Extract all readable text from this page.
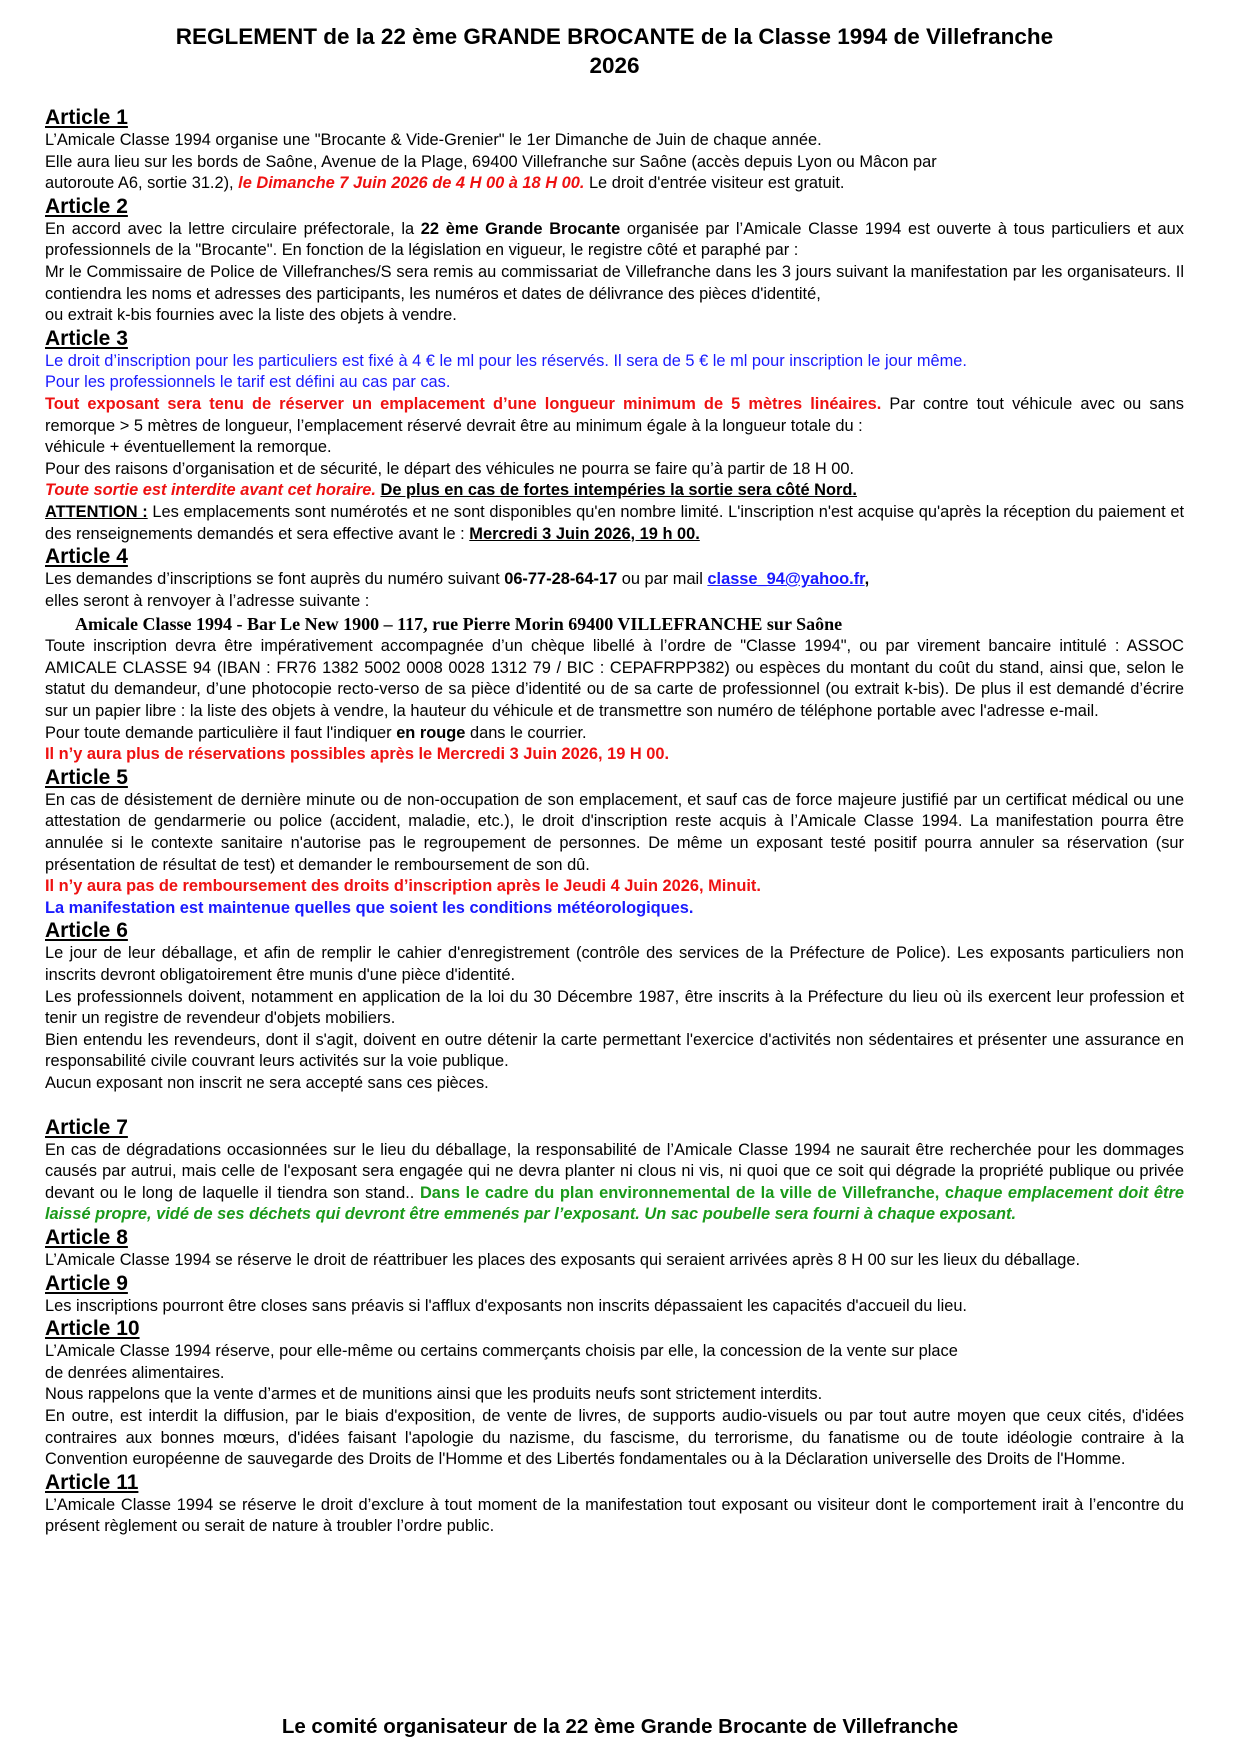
REGLEMENT de la 22 ème GRANDE BROCANTE de la Classe 1994 de Villefranche
2026
Article 1
L’Amicale Classe 1994 organise une "Brocante & Vide-Grenier" le 1er Dimanche de Juin de chaque année.
Elle aura lieu sur les bords de Saône, Avenue de la Plage, 69400 Villefranche sur Saône (accès depuis Lyon ou Mâcon par
autoroute A6, sortie 31.2), le Dimanche 7 Juin 2026 de 4 H 00 à 18 H 00. Le droit d'entrée visiteur est gratuit.
Article 2
En accord avec la lettre circulaire préfectorale, la 22 ème Grande Brocante organisée par l’Amicale Classe 1994 est ouverte à tous particuliers et aux professionnels de la "Brocante". En fonction de la législation en vigueur, le registre côté et paraphé par :
Mr le Commissaire de Police de Villefranches/S sera remis au commissariat de Villefranche dans les 3 jours suivant la manifestation par les organisateurs. Il contiendra les noms et adresses des participants, les numéros et dates de délivrance des pièces d'identité,
ou extrait k-bis fournies avec la liste des objets à vendre.
Article 3
Le droit d’inscription pour les particuliers est fixé à 4 € le ml pour les réservés. Il sera de 5 € le ml pour inscription le jour même.
Pour les professionnels le tarif est défini au cas par cas.
Tout exposant sera tenu de réserver un emplacement d’une longueur minimum de 5 mètres linéaires. Par contre tout véhicule avec ou sans remorque > 5 mètres de longueur, l’emplacement réservé devrait être au minimum égale à la longueur totale du :
véhicule + éventuellement la remorque.
Pour des raisons d’organisation et de sécurité, le départ des véhicules ne pourra se faire qu’à partir de 18 H 00.
Toute sortie est interdite avant cet horaire. De plus en cas de fortes intempéries la sortie sera côté Nord.
ATTENTION : Les emplacements sont numérotés et ne sont disponibles qu'en nombre limité. L'inscription n'est acquise qu'après la réception du paiement et des renseignements demandés et sera effective avant le : Mercredi 3 Juin 2026, 19 h 00.
Article 4
Les demandes d’inscriptions se font auprès du numéro suivant 06-77-28-64-17 ou par mail classe_94@yahoo.fr,
elles seront à renvoyer à l’adresse suivante :
Amicale Classe 1994 - Bar Le New 1900 – 117, rue Pierre Morin 69400 VILLEFRANCHE sur Saône
Toute inscription devra être impérativement accompagnée d’un chèque libellé à l’ordre de "Classe 1994", ou par virement bancaire intitulé : ASSOC AMICALE CLASSE 94 (IBAN : FR76 1382 5002 0008 0028 1312 79 / BIC : CEPAFRPP382) ou espèces du montant du coût du stand, ainsi que, selon le statut du demandeur, d’une photocopie recto-verso de sa pièce d’identité ou de sa carte de professionnel (ou extrait k-bis). De plus il est demandé d’écrire sur un papier libre : la liste des objets à vendre, la hauteur du véhicule et de transmettre son numéro de téléphone portable avec l'adresse e-mail.
Pour toute demande particulière il faut l'indiquer en rouge dans le courrier.
Il n’y aura plus de réservations possibles après le Mercredi 3 Juin 2026, 19 H 00.
Article 5
En cas de désistement de dernière minute ou de non-occupation de son emplacement, et sauf cas de force majeure justifié par un certificat médical ou une attestation de gendarmerie ou police (accident, maladie, etc.), le droit d'inscription reste acquis à l’Amicale Classe 1994. La manifestation pourra être annulée si le contexte sanitaire n'autorise pas le regroupement de personnes. De même un exposant testé positif pourra annuler sa réservation (sur présentation de résultat de test) et demander le remboursement de son dû.
Il n’y aura pas de remboursement des droits d’inscription après le Jeudi 4 Juin 2026, Minuit.
La manifestation est maintenue quelles que soient les conditions météorologiques.
Article 6
Le jour de leur déballage, et afin de remplir le cahier d'enregistrement (contrôle des services de la Préfecture de Police). Les exposants particuliers non inscrits devront obligatoirement être munis d'une pièce d'identité.
Les professionnels doivent, notamment en application de la loi du 30 Décembre 1987, être inscrits à la Préfecture du lieu où ils exercent leur profession et tenir un registre de revendeur d'objets mobiliers.
Bien entendu les revendeurs, dont il s'agit, doivent en outre détenir la carte permettant l'exercice d'activités non sédentaires et présenter une assurance en responsabilité civile couvrant leurs activités sur la voie publique.
Aucun exposant non inscrit ne sera accepté sans ces pièces.
Article 7
En cas de dégradations occasionnées sur le lieu du déballage, la responsabilité de l’Amicale Classe 1994 ne saurait être recherchée pour les dommages causés par autrui, mais celle de l'exposant sera engagée qui ne devra planter ni clous ni vis, ni quoi que ce soit qui dégrade la propriété publique ou privée devant ou le long de laquelle il tiendra son stand.. Dans le cadre du plan environnemental de la ville de Villefranche, chaque emplacement doit être laissé propre, vidé de ses déchets qui devront être emmenés par l’exposant. Un sac poubelle sera fourni à chaque exposant.
Article 8
L’Amicale Classe 1994 se réserve le droit de réattribuer les places des exposants qui seraient arrivées après 8 H 00 sur les lieux du déballage.
Article 9
Les inscriptions pourront être closes sans préavis si l'afflux d'exposants non inscrits dépassaient les capacités d'accueil du lieu.
Article 10
L’Amicale Classe 1994 réserve, pour elle-même ou certains commerçants choisis par elle, la concession de la vente sur place
de denrées alimentaires.
Nous rappelons que la vente d’armes et de munitions ainsi que les produits neufs sont strictement interdits.
En outre, est interdit la diffusion, par le biais d'exposition, de vente de livres, de supports audio-visuels ou par tout autre moyen que ceux cités, d'idées contraires aux bonnes mœurs, d'idées faisant l'apologie du nazisme, du fascisme, du terrorisme, du fanatisme ou de toute idéologie contraire à la Convention européenne de sauvegarde des Droits de l'Homme et des Libertés fondamentales ou à la Déclaration universelle des Droits de l'Homme.
Article 11
L’Amicale Classe 1994 se réserve le droit d’exclure à tout moment de la manifestation tout exposant ou visiteur dont le comportement irait à l’encontre du présent règlement ou serait de nature à troubler l’ordre public.
Le comité organisateur de la 22 ème Grande Brocante de Villefranche
